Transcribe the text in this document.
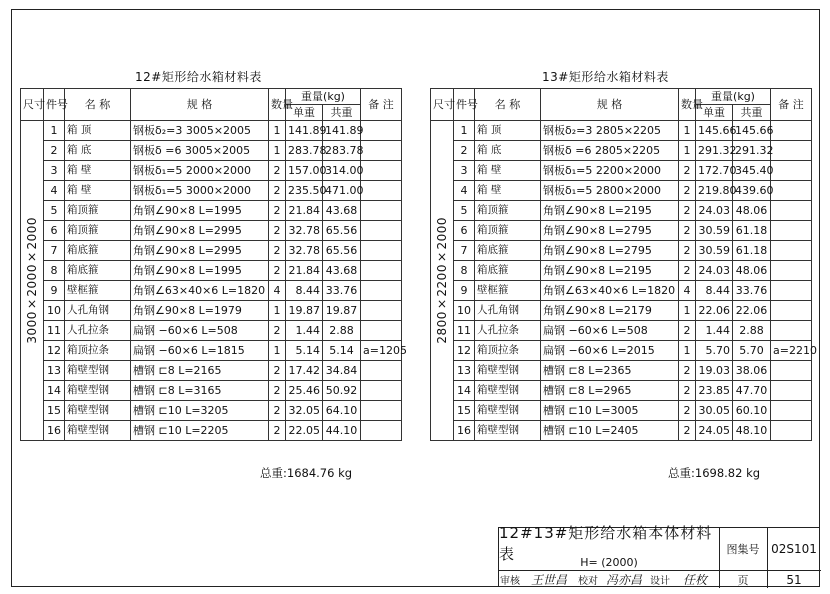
12#矩形给水箱材料表
尺寸	件号	名 称	规 格	数量	重量(kg)		备 注
					单重	共重	

3000×2000×2000	1	箱 顶	钢板δ₂=3 3005×2005	1	141.89	141.89	
	2	箱 底	钢板δ =6 3005×2005	1	283.78	283.78	
	3	箱 壁	钢板δ₁=5 2000×2000	2	157.00	314.00	
	4	箱 壁	钢板δ₁=5 3000×2000	2	235.50	471.00	
	5	箱顶箍	角钢∠90×8 L=1995	2	21.84	43.68	
	6	箱顶箍	角钢∠90×8 L=2995	2	32.78	65.56	
	7	箱底箍	角钢∠90×8 L=2995	2	32.78	65.56	
	8	箱底箍	角钢∠90×8 L=1995	2	21.84	43.68	
	9	壁框箍	角钢∠63×40×6 L=1820	4	8.44	33.76	
	10	人孔角钢	角钢∠90×8 L=1979	1	19.87	19.87	
	11	人孔拉条	扁钢 −60×6 L=508	2	1.44	2.88	
	12	箱顶拉条	扁钢 −60×6 L=1815	1	5.14	5.14	a=1205
	13	箱壁型钢	槽钢 ⊏8 L=2165	2	17.42	34.84	
	14	箱壁型钢	槽钢 ⊏8 L=3165	2	25.46	50.92	
	15	箱壁型钢	槽钢 ⊏10 L=3205	2	32.05	64.10	
	16	箱壁型钢	槽钢 ⊏10 L=2205	2	22.05	44.10	
总重:1684.76 kg
13#矩形给水箱材料表
尺寸	件号	名 称	规 格	数量	重量(kg)		备 注
					单重	共重	

2800×2200×2000	1	箱 顶	钢板δ₂=3 2805×2205	1	145.66	145.66	
	2	箱 底	钢板δ =6 2805×2205	1	291.32	291.32	
	3	箱 壁	钢板δ₁=5 2200×2000	2	172.70	345.40	
	4	箱 壁	钢板δ₁=5 2800×2000	2	219.80	439.60	
	5	箱顶箍	角钢∠90×8 L=2195	2	24.03	48.06	
	6	箱顶箍	角钢∠90×8 L=2795	2	30.59	61.18	
	7	箱底箍	角钢∠90×8 L=2795	2	30.59	61.18	
	8	箱底箍	角钢∠90×8 L=2195	2	24.03	48.06	
	9	壁框箍	角钢∠63×40×6 L=1820	4	8.44	33.76	
	10	人孔角钢	角钢∠90×8 L=2179	1	22.06	22.06	
	11	人孔拉条	扁钢 −60×6 L=508	2	1.44	2.88	
	12	箱顶拉条	扁钢 −60×6 L=2015	1	5.70	5.70	a=2210
	13	箱壁型钢	槽钢 ⊏8 L=2365	2	19.03	38.06	
	14	箱壁型钢	槽钢 ⊏8 L=2965	2	23.85	47.70	
	15	箱壁型钢	槽钢 ⊏10 L=3005	2	30.05	60.10	
	16	箱壁型钢	槽钢 ⊏10 L=2405	2	24.05	48.10	
总重:1698.82 kg
12#13#矩形给水箱本体材料表	H= (2000)
图集号 02S101
审核 王世昌	校对 冯亦昌 设计	任枚	页	51
